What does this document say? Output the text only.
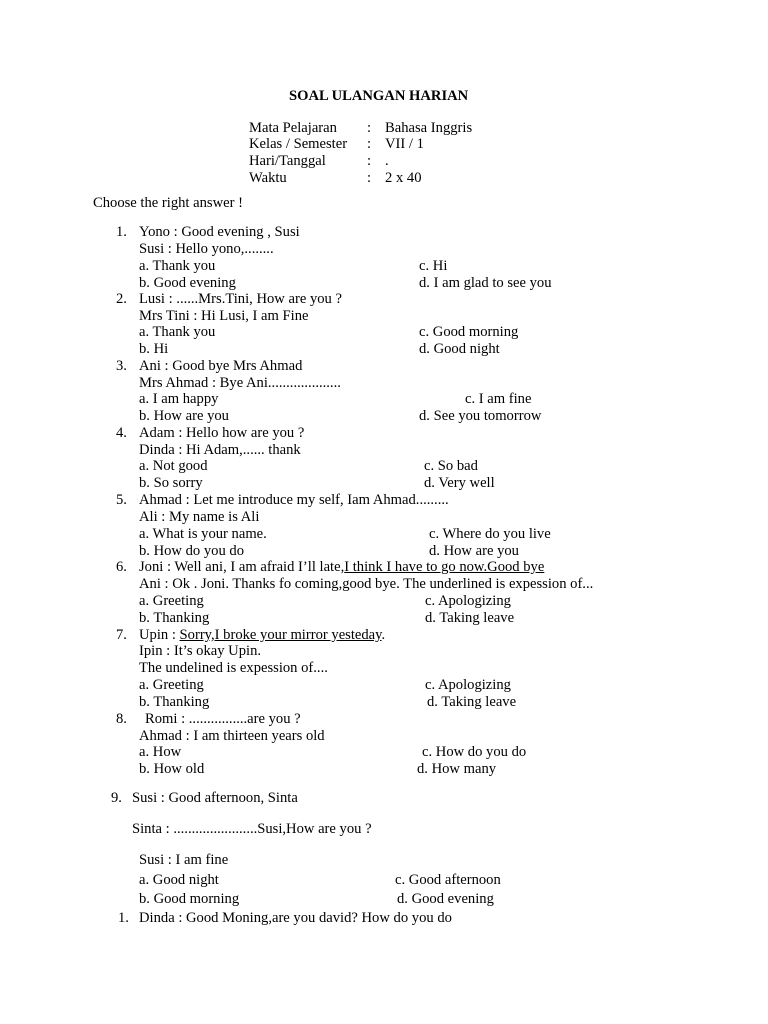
SOAL ULANGAN HARIAN
Mata Pelajaran : Bahasa Inggris
Kelas / Semester : VII / 1
Hari/Tanggal	: .
Waktu	: 2 x 40
Choose the right answer !
1. Yono : Good evening , Susi
Susi : Hello yono,........
a. Thank you
b. Good evening
c. Hi
d. I am glad to see you
2. Lusi : ......Mrs.Tini, How are you ?
Mrs Tini : Hi Lusi, I am Fine
a. Thank you
b. Hi
c. Good morning
d. Good night
3. Ani : Good bye Mrs Ahmad
Mrs Ahmad : Bye Ani....................
a. I am happy
b. How are you
c. I am fine
d. See you tomorrow
4. Adam : Hello how are you ?
Dinda : Hi Adam,...... thank
a. Not good
b. So sorry
c. So bad
d. Very well
5. Ahmad : Let me introduce my self, Iam Ahmad.........
Ali : My name is Ali
a. What is your name.
b. How do you do
c. Where do you live
d. How are you
6. Joni : Well ani, I am afraid I’ll late,I think I have to go now.Good bye
Ani : Ok . Joni. Thanks fo coming,good bye. The underlined is expession of...
a. Greeting
b. Thanking
c. Apologizing
d. Taking leave
7. Upin : Sorry,I broke your mirror yesteday.
Ipin : It’s okay Upin.
The undelined is expession of....
a. Greeting
b. Thanking
c. Apologizing
d. Taking leave
8. Romi : ................are you ?
Ahmad : I am thirteen years old
a. How
b. How old
c. How do you do
d. How many
9. Susi : Good afternoon, Sinta
Sinta : .......................Susi,How are you ?
Susi : I am fine
a. Good night
b. Good morning
c. Good afternoon
d. Good evening
1. Dinda : Good Moning,are you david? How do you do
